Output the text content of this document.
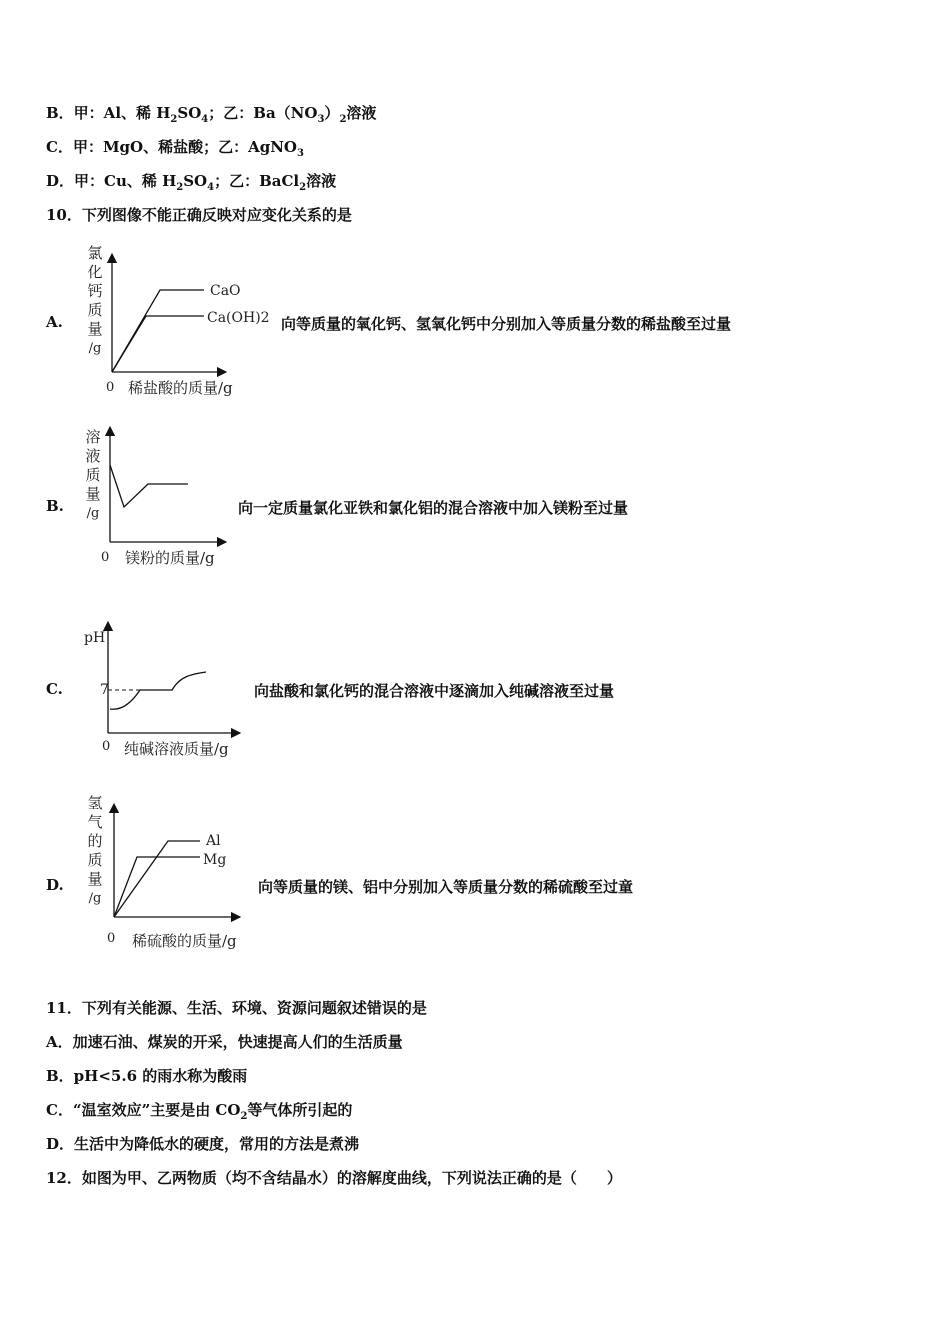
B．甲：Al、稀 $H_2SO_4$；乙：$Ba(NO_3)_2$溶液
C．甲：MgO、稀盐酸；乙：AgNO$_3$
D．甲：Cu、稀 $H_2SO_4$；乙：BaCl$_2$溶液
10．下列图像不能正确反映对应变化关系的是
A.
氯
化
钙
质
量
/g
CaO
Ca(OH)2
0 稀盐酸的质量/g
向等质量的氧化钙、氢氧化钙中分别加入等质量分数的稀盐酸至过量
B.
溶
液
质
量
/g
0 镁粉的质量/g
向一定质量氯化亚铁和氯化铝的混合溶液中加入镁粉至过量
C.
pH
7
0 纯碱溶液质量/g
向盐酸和氯化钙的混合溶液中逐滴加入纯碱溶液至过量
D.
氢
气
的
质
量
/g
Al
Mg
0 稀硫酸的质量/g
向等质量的镁、铝中分别加入等质量分数的稀硫酸至过童
11．下列有关能源、生活、环境、资源问题叙述错误的是
A．加速石油、煤炭的开采，快速提高人们的生活质量
B．pH<5.6 的雨水称为酸雨
C．“温室效应”主要是由 $CO_2$等气体所引起的
D．生活中为降低水的硬度，常用的方法是煮沸
12．如图为甲、乙两物质（均不含结晶水）的溶解度曲线，下列说法正确的是（　　）
